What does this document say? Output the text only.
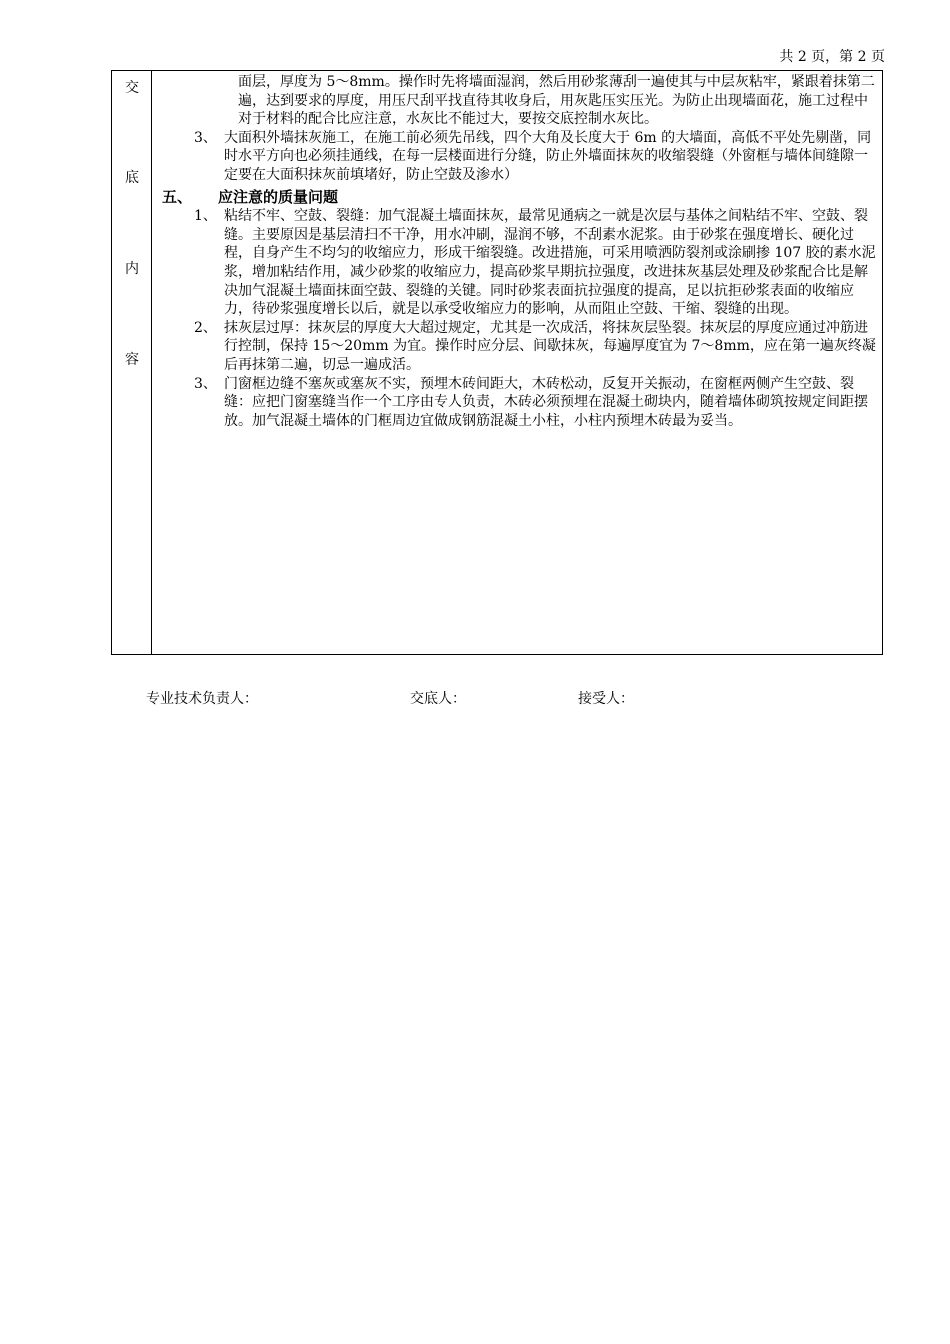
共 2 页，第 2 页
交
底
内
容
面层，厚度为 5～8mm。操作时先将墙面湿润，然后用砂浆薄刮一遍使其与中层灰粘牢，紧跟着抹第二遍，达到要求的厚度，用压尺刮平找直待其收身后，用灰匙压实压光。为防止出现墙面花，施工过程中对于材料的配合比应注意，水灰比不能过大，要按交底控制水灰比。
3、 大面积外墙抹灰施工，在施工前必须先吊线，四个大角及长度大于 6m 的大墙面，高低不平处先剔凿，同时水平方向也必须挂通线，在每一层楼面进行分缝，防止外墙面抹灰的收缩裂缝（外窗框与墙体间缝隙一定要在大面积抹灰前填堵好，防止空鼓及渗水）
五、 应注意的质量问题
1、 粘结不牢、空鼓、裂缝：加气混凝土墙面抹灰，最常见通病之一就是次层与基体之间粘结不牢、空鼓、裂缝。主要原因是基层清扫不干净，用水冲刷，湿润不够，不刮素水泥浆。由于砂浆在强度增长、硬化过程，自身产生不均匀的收缩应力，形成干缩裂缝。改进措施，可采用喷洒防裂剂或涂刷掺 107 胶的素水泥浆，增加粘结作用，减少砂浆的收缩应力，提高砂浆早期抗拉强度，改进抹灰基层处理及砂浆配合比是解决加气混凝土墙面抹面空鼓、裂缝的关键。同时砂浆表面抗拉强度的提高，足以抗拒砂浆表面的收缩应力，待砂浆强度增长以后，就是以承受收缩应力的影响，从而阻止空鼓、干缩、裂缝的出现。
2、 抹灰层过厚：抹灰层的厚度大大超过规定，尤其是一次成活，将抹灰层坠裂。抹灰层的厚度应通过冲筋进行控制，保持 15～20mm 为宜。操作时应分层、间歇抹灰，每遍厚度宜为 7～8mm，应在第一遍灰终凝后再抹第二遍，切忌一遍成活。
3、 门窗框边缝不塞灰或塞灰不实，预埋木砖间距大，木砖松动，反复开关振动，在窗框两侧产生空鼓、裂缝：应把门窗塞缝当作一个工序由专人负责，木砖必须预埋在混凝土砌块内，随着墙体砌筑按规定间距摆放。加气混凝土墙体的门框周边宜做成钢筋混凝土小柱，小柱内预埋木砖最为妥当。
专业技术负责人：	交底人：	接受人：
